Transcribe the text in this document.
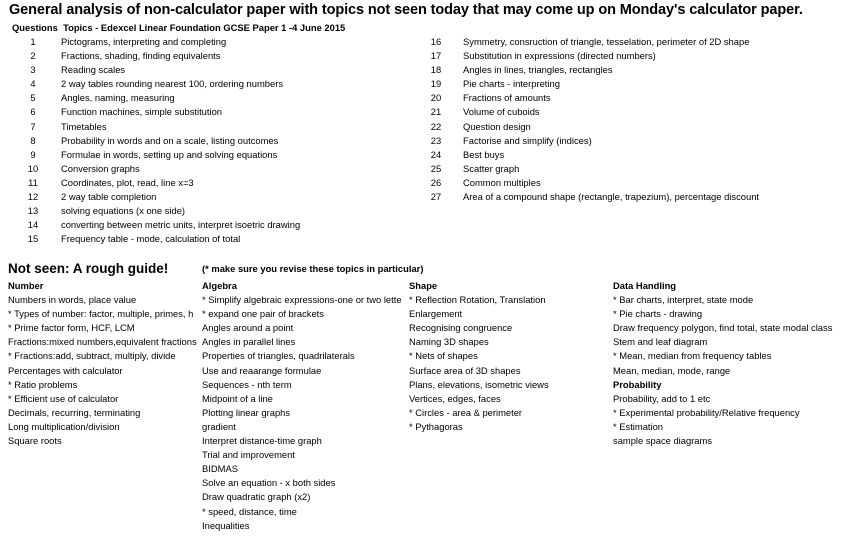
General analysis of non-calculator paper with topics not seen today that may come up on Monday's calculator paper.
Questions Topics - Edexcel Linear Foundation GCSE Paper 1 -4 June 2015
1	Pictograms, interpreting and completing
2	Fractions, shading, finding equivalents
3	Reading scales
4	2 way tables rounding nearest 100, ordering numbers
5	Angles, naming, measuring
6	Function machines, simple substitution
7	Timetables
8	Probability in words and on a scale, listing outcomes
9	Formulae in words, setting up and solving equations
10 Conversion graphs
11 Coordinates, plot, read, line x=3
12 2 way table completion
13 solving equations (x one side)
14 converting between metric units, interpret isoetric drawing
15 Frequency table - mode, calculation of total
16 Symmetry, consruction of triangle, tesselation, perimeter of 2D shape
17 Substitution in expressions (directed numbers)
18 Angles in lines, triangles, rectangles
19 Pie charts - interpreting
20 Fractions of amounts
21 Volume of cuboids
22 Question design
23 Factorise and simplify (indices)
24 Best buys
25 Scatter graph
26 Common multiples
27 Area of a compound shape (rectangle, trapezium), percentage discount
Not seen: A rough guide!	(* make sure you revise these topics in particular)
Number
Numbers in words, place value
* Types of number: factor, multiple, primes, h
* Prime factor form, HCF, LCM
Fractions:mixed numbers,equivalent fractions
* Fractions:add, subtract, multiply, divide
Percentages with calculator
* Ratio problems
* Efficient use of calculator
Decimals, recurring, terminating
Long multiplication/division
Square roots
Algebra
* Simplify algebraic expressions-one or two lette
* expand one pair of brackets
Angles around a point
Angles in parallel lines
Properties of triangles, quadrilaterals
Use and reaarange formulae
Sequences - nth term
Midpoint of a line
Plotting linear graphs
gradient
Interpret distance-time graph
Trial and improvement
BIDMAS
Solve an equation - x both sides
Draw quadratic graph (x2)
* speed, distance, time
Inequalities
Shape
* Reflection Rotation, Translation
Enlargement
Recognising congruence
Naming 3D shapes
* Nets of shapes
Surface area of 3D shapes
Plans, elevations, isometric views
Vertices, edges, faces
* Circles - area & perimeter
* Pythagoras
Data Handling
* Bar charts, interpret, state mode
* Pie charts - drawing
Draw frequency polygon, find total, state modal class
Stem and leaf diagram
* Mean, median from frequency tables
Mean, median, mode, range
Probability
Probability, add to 1 etc
* Experimental probability/Relative frequency
* Estimation
sample space diagrams
